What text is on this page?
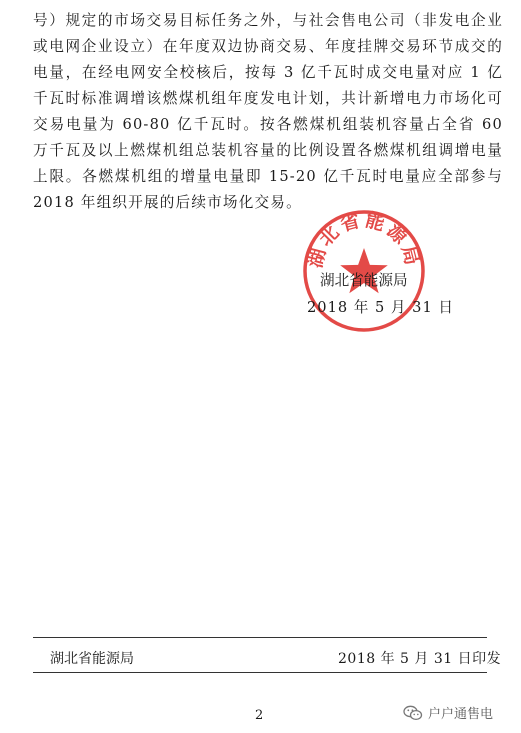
号）规定的市场交易目标任务之外，与社会售电公司（非发电企业或电网企业设立）在年度双边协商交易、年度挂牌交易环节成交的电量，在经电网安全校核后，按每 3 亿千瓦时成交电量对应 1 亿千瓦时标准调增该燃煤机组年度发电计划，共计新增电力市场化可交易电量为 60-80 亿千瓦时。按各燃煤机组装机容量占全省 60 万千瓦及以上燃煤机组总装机容量的比例设置各燃煤机组调增电量上限。各燃煤机组的增量电量即 15-20 亿千瓦时电量应全部参与 2018 年组织开展的后续市场化交易。

湖北省能源局
湖北省能源局
2018 年 5 月 31 日
湖北省能源局	2018 年 5 月 31 日印发
2	户户通售电
